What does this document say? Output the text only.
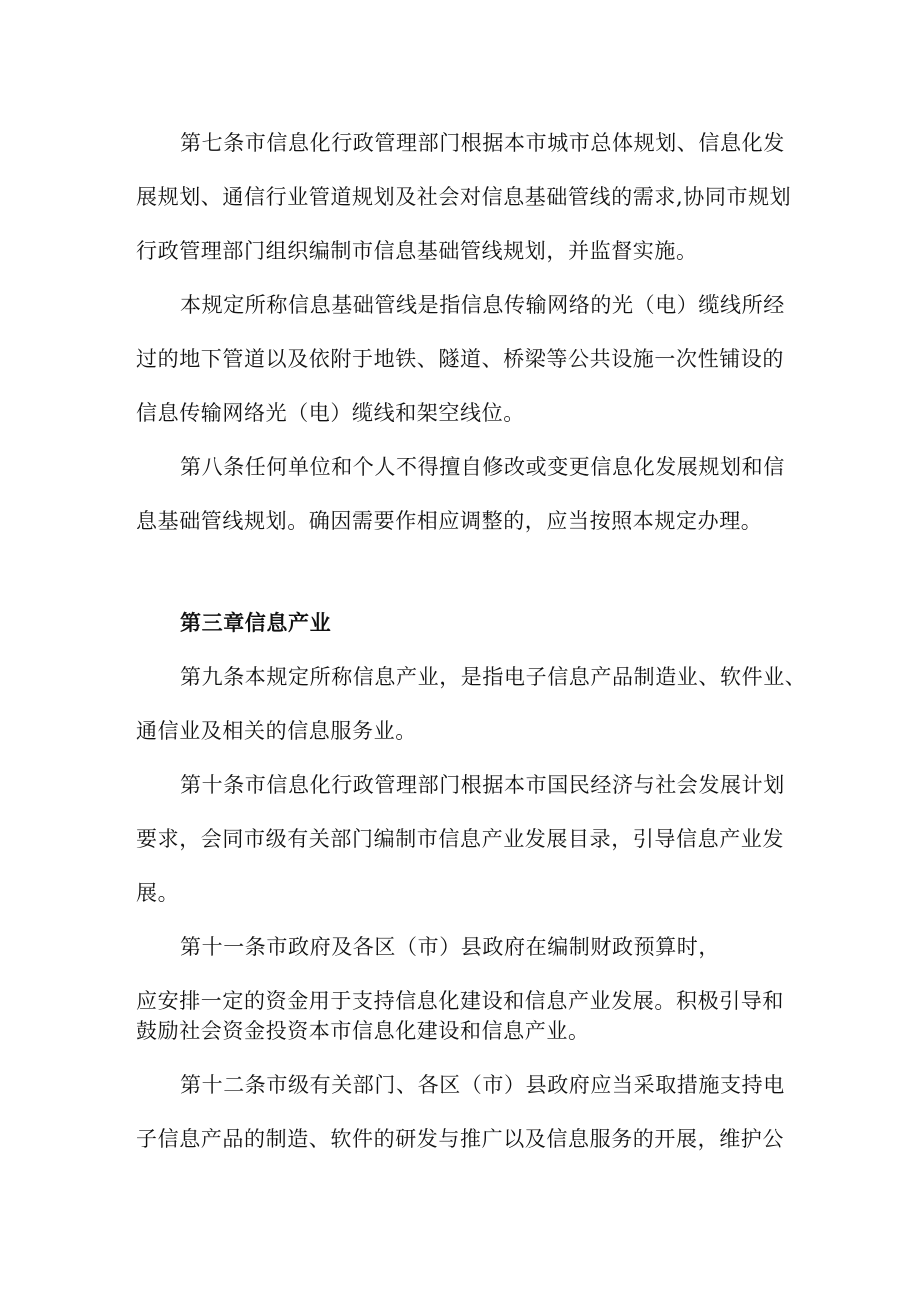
第七条市信息化行政管理部门根据本市城市总体规划、信息化发
展规划、通信行业管道规划及社会对信息基础管线的需求,协同市规划
行政管理部门组织编制市信息基础管线规划，并监督实施。
本规定所称信息基础管线是指信息传输网络的光（电）缆线所经
过的地下管道以及依附于地铁、隧道、桥梁等公共设施一次性铺设的
信息传输网络光（电）缆线和架空线位。
第八条任何单位和个人不得擅自修改或变更信息化发展规划和信
息基础管线规划。确因需要作相应调整的，应当按照本规定办理。
第三章信息产业
第九条本规定所称信息产业，是指电子信息产品制造业、软件业、
通信业及相关的信息服务业。
第十条市信息化行政管理部门根据本市国民经济与社会发展计划
要求，会同市级有关部门编制市信息产业发展目录，引导信息产业发
展。
第十一条市政府及各区（市）县政府在编制财政预算时，
应安排一定的资金用于支持信息化建设和信息产业发展。积极引导和
鼓励社会资金投资本市信息化建设和信息产业。
第十二条市级有关部门、各区（市）县政府应当采取措施支持电
子信息产品的制造、软件的研发与推广以及信息服务的开展，维护公
